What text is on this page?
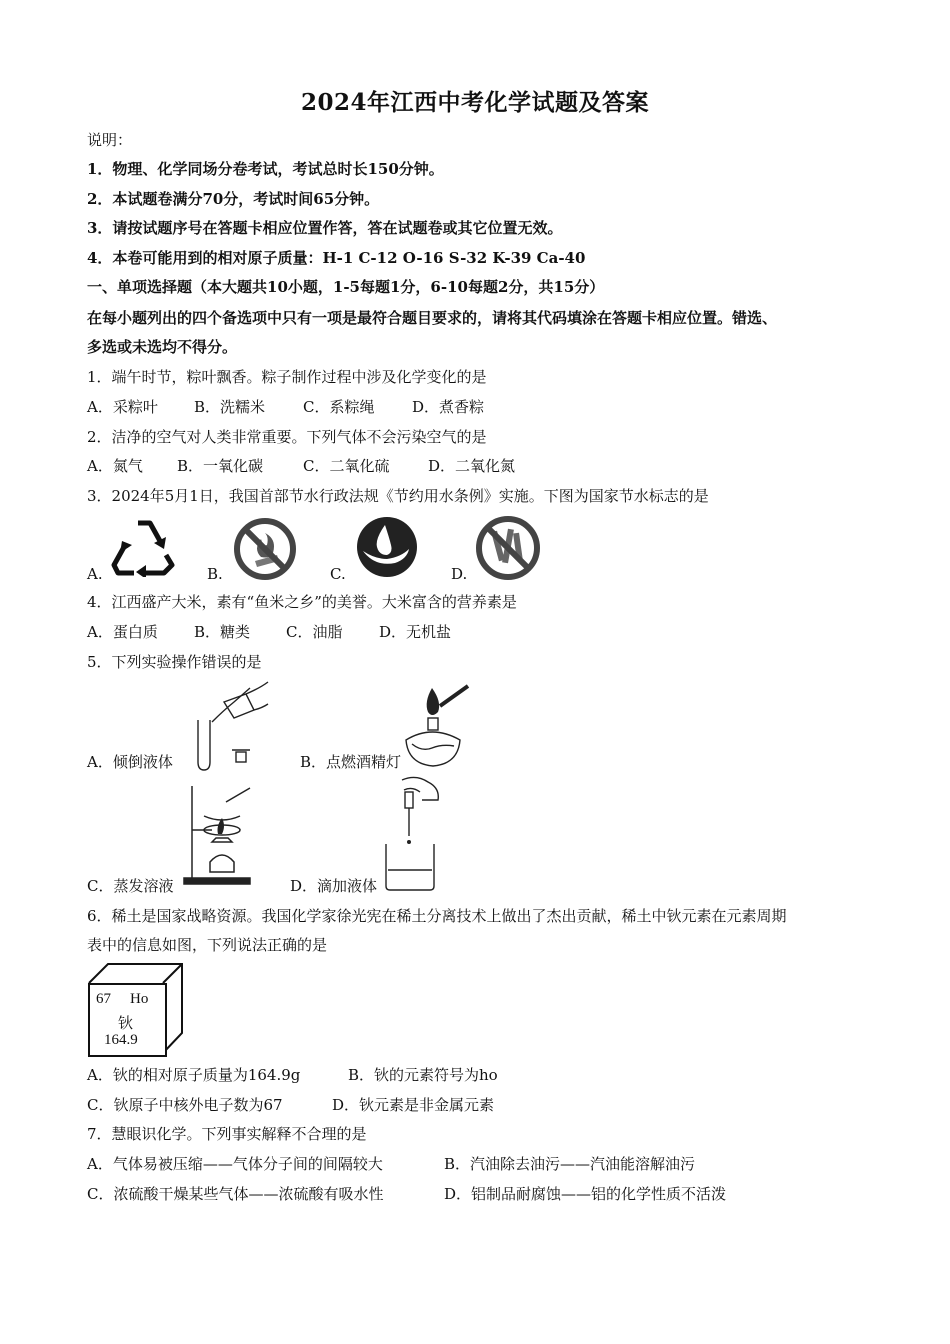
2024年江西中考化学试题及答案
说明：
1．物理、化学同场分卷考试，考试总时长150分钟。
2．本试题卷满分70分，考试时间65分钟。
3．请按试题序号在答题卡相应位置作答，答在试题卷或其它位置无效。
4．本卷可能用到的相对原子质量：H-1 C-12 O-16 S-32 K-39 Ca-40
一、单项选择题（本大题共10小题，1-5每题1分，6-10每题2分，共15分）
在每小题列出的四个备选项中只有一项是最符合题目要求的，请将其代码填涂在答题卡相应位置。错选、
多选或未选均不得分。
1．端午时节，粽叶飘香。粽子制作过程中涉及化学变化的是
A．采粽叶 B．洗糯米	C．系粽绳	D．煮香粽
2．洁净的空气对人类非常重要。下列气体不会污染空气的是
A．氮气 B．一氧化碳	C．二氧化硫	D．二氧化氮
3．2024年5月1日，我国首部节水行政法规《节约用水条例》实施。下图为国家节水标志的是
A.	B.	C.	D.
4．江西盛产大米，素有“鱼米之乡”的美誉。大米富含的营养素是
A．蛋白质 B．糖类 C．油脂 D．无机盐
5．下列实验操作错误的是
A．倾倒液体	B．点燃酒精灯
C．蒸发溶液	D．滴加液体
6．稀土是国家战略资源。我国化学家徐光宪在稀土分离技术上做出了杰出贡献，稀土中钬元素在元素周期
表中的信息如图，下列说法正确的是
67 Ho
钬
164.9
A．钬的相对原子质量为164.9g	B．钬的元素符号为ho
C．钬原子中核外电子数为67	D．钬元素是非金属元素
7．慧眼识化学。下列事实解释不合理的是
A．气体易被压缩——气体分子间的间隔较大	B．汽油除去油污——汽油能溶解油污
C．浓硫酸干燥某些气体——浓硫酸有吸水性	D．铝制品耐腐蚀——铝的化学性质不活泼
